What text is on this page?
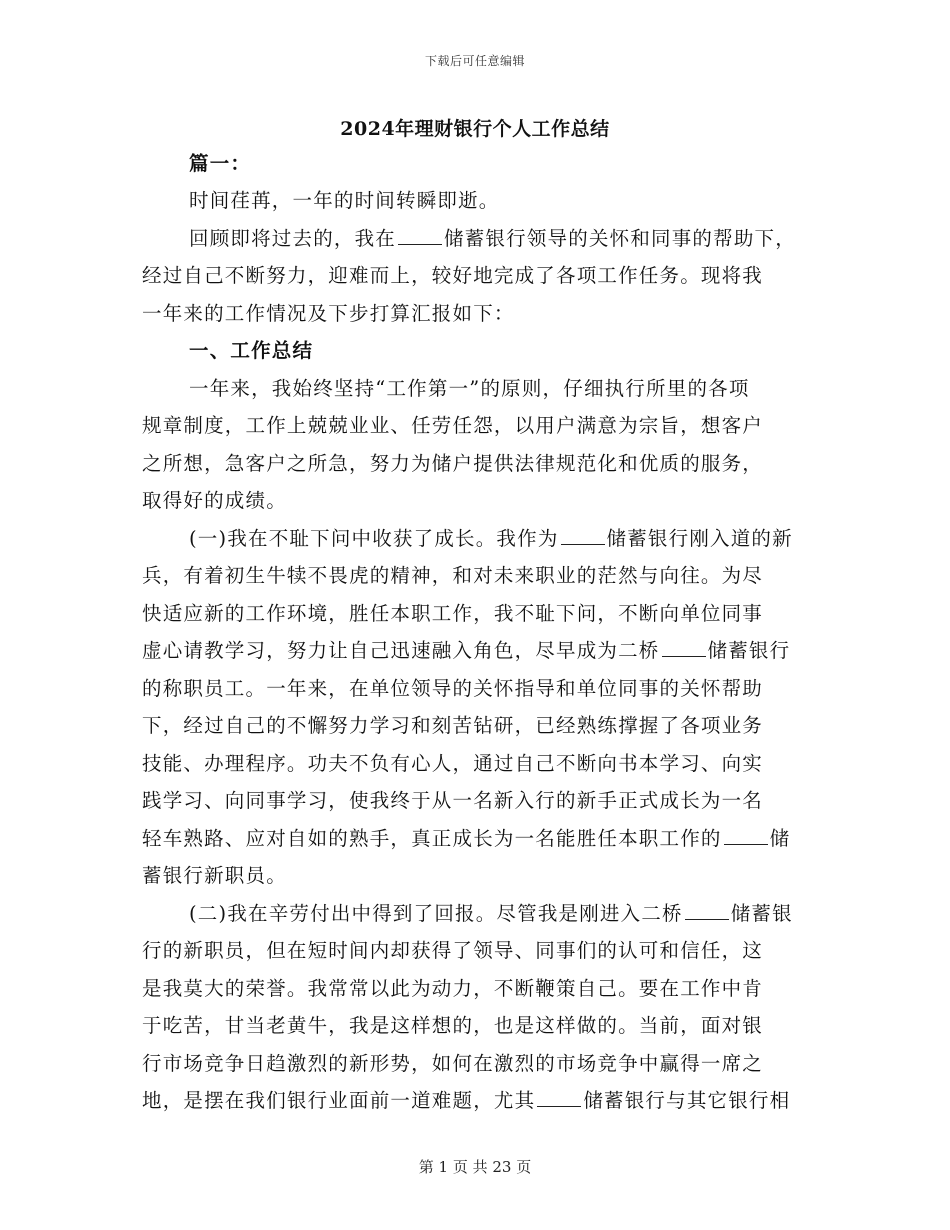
下载后可任意编辑
2024年理财银行个人工作总结
篇一：
时间荏苒，一年的时间转瞬即逝。
回顾即将过去的，我在 储蓄银行领导的关怀和同事的帮助下，
经过自己不断努力，迎难而上，较好地完成了各项工作任务。现将我
一年来的工作情况及下步打算汇报如下：
一、工作总结
一年来，我始终坚持“工作第一”的原则，仔细执行所里的各项
规章制度，工作上兢兢业业、任劳任怨，以用户满意为宗旨，想客户
之所想，急客户之所急，努力为储户提供法律规范化和优质的服务，
取得好的成绩。
(一)我在不耻下问中收获了成长。我作为 储蓄银行刚入道的新
兵，有着初生牛犊不畏虎的精神，和对未来职业的茫然与向往。为尽
快适应新的工作环境，胜任本职工作，我不耻下问，不断向单位同事
虚心请教学习，努力让自己迅速融入角色，尽早成为二桥 储蓄银行
的称职员工。一年来，在单位领导的关怀指导和单位同事的关怀帮助
下，经过自己的不懈努力学习和刻苦钻研，已经熟练撑握了各项业务
技能、办理程序。功夫不负有心人，通过自己不断向书本学习、向实
践学习、向同事学习，使我终于从一名新入行的新手正式成长为一名
轻车熟路、应对自如的熟手，真正成长为一名能胜任本职工作的 储
蓄银行新职员。
(二)我在辛劳付出中得到了回报。尽管我是刚进入二桥 储蓄银
行的新职员，但在短时间内却获得了领导、同事们的认可和信任，这
是我莫大的荣誉。我常常以此为动力，不断鞭策自己。要在工作中肯
于吃苦，甘当老黄牛，我是这样想的，也是这样做的。当前，面对银
行市场竞争日趋激烈的新形势，如何在激烈的市场竞争中赢得一席之
地，是摆在我们银行业面前一道难题，尤其 储蓄银行与其它银行相
第 1 页 共 23 页
